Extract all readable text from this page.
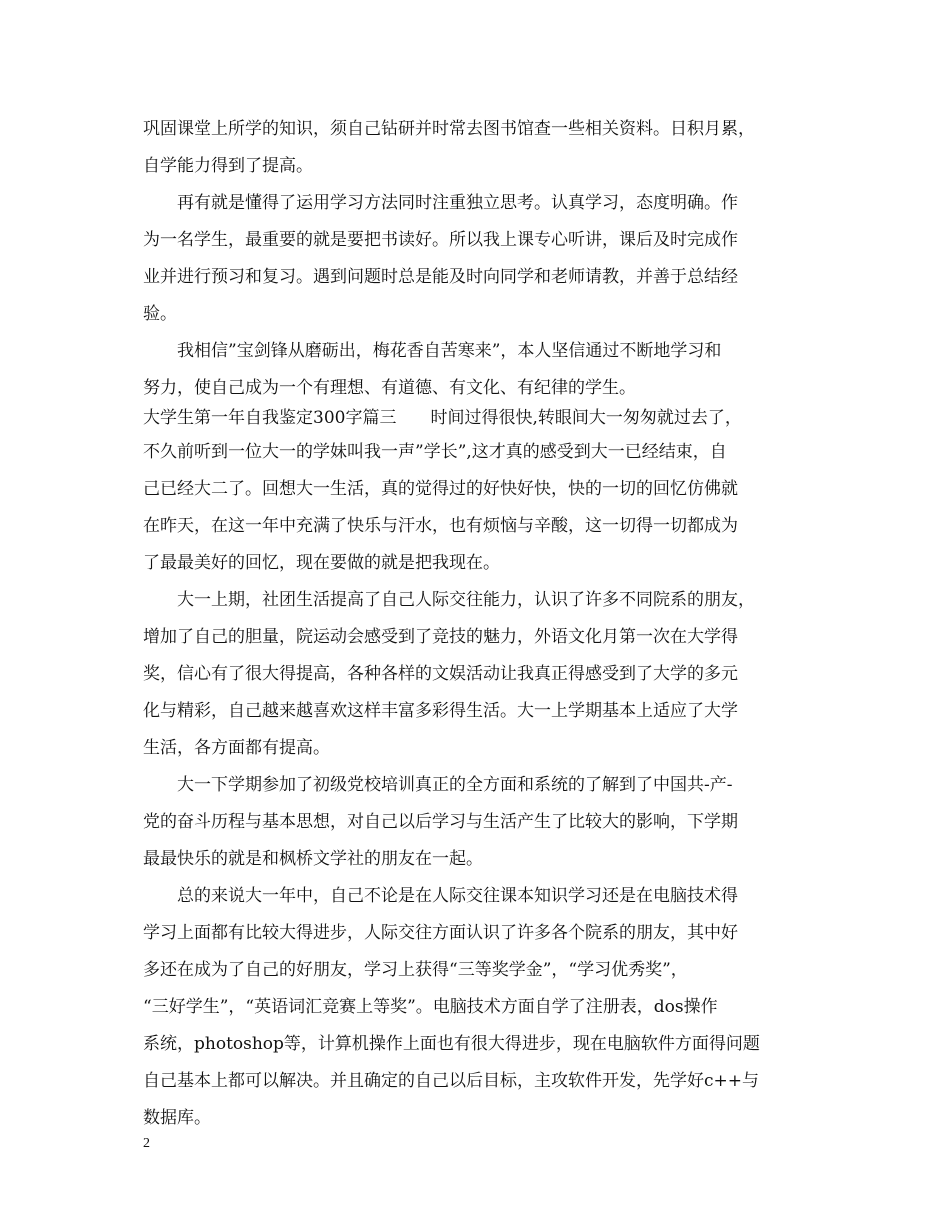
巩固课堂上所学的知识，须自己钻研并时常去图书馆查一些相关资料。日积月累，
自学能力得到了提高。
　　再有就是懂得了运用学习方法同时注重独立思考。认真学习，态度明确。作
为一名学生，最重要的就是要把书读好。所以我上课专心听讲，课后及时完成作
业并进行预习和复习。遇到问题时总是能及时向同学和老师请教，并善于总结经
验。
　　我相信”宝剑锋从磨砺出，梅花香自苦寒来”，本人坚信通过不断地学习和
努力，使自己成为一个有理想、有道德、有文化、有纪律的学生。
大学生第一年自我鉴定300字篇三　　时间过得很快,转眼间大一匆匆就过去了，
不久前听到一位大一的学妹叫我一声”学长”,这才真的感受到大一已经结束，自
己已经大二了。回想大一生活，真的觉得过的好快好快，快的一切的回忆仿佛就
在昨天，在这一年中充满了快乐与汗水，也有烦恼与辛酸，这一切得一切都成为
了最最美好的回忆，现在要做的就是把我现在。
　　大一上期，社团生活提高了自己人际交往能力，认识了许多不同院系的朋友，
增加了自己的胆量，院运动会感受到了竞技的魅力，外语文化月第一次在大学得
奖，信心有了很大得提高，各种各样的文娱活动让我真正得感受到了大学的多元
化与精彩，自己越来越喜欢这样丰富多彩得生活。大一上学期基本上适应了大学
生活，各方面都有提高。
　　大一下学期参加了初级党校培训真正的全方面和系统的了解到了中国共-产-
党的奋斗历程与基本思想，对自己以后学习与生活产生了比较大的影响，下学期
最最快乐的就是和枫桥文学社的朋友在一起。
　　总的来说大一年中，自己不论是在人际交往课本知识学习还是在电脑技术得
学习上面都有比较大得进步，人际交往方面认识了许多各个院系的朋友，其中好
多还在成为了自己的好朋友，学习上获得“三等奖学金”，“学习优秀奖”，
“三好学生”，“英语词汇竞赛上等奖”。电脑技术方面自学了注册表，dos操作
系统，photoshop等，计算机操作上面也有很大得进步，现在电脑软件方面得问题
自己基本上都可以解决。并且确定的自己以后目标，主攻软件开发，先学好c++与
数据库。
2
